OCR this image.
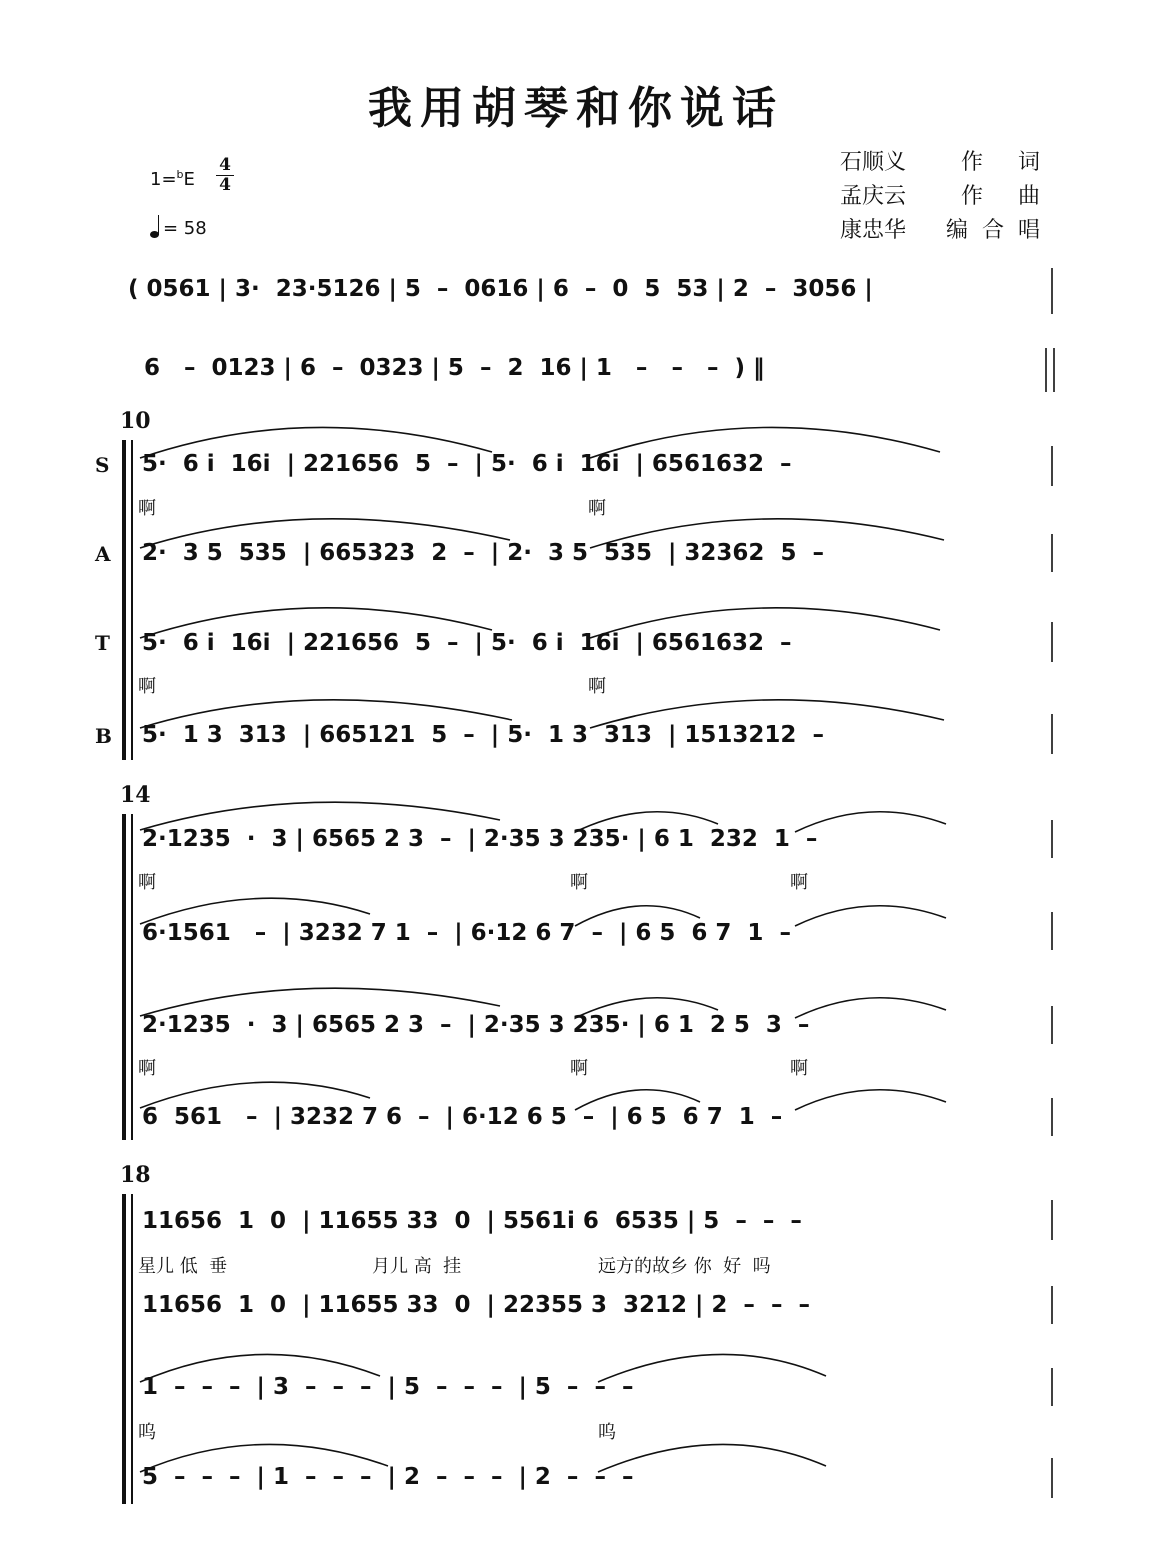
我用胡琴和你说话
1=$^b$E
4
4
= 58
石顺义	作 词
孟庆云	作 曲
康忠华 编合唱
( 0561 | 3·  23·5126 | 5  –  0616 | 6  –  0  5  53 | 2  –  3056 |
6   –  0123 | 6  –  0323 | 5  –  2  16 | 1   –   –   –  ) ‖
10
S
A
T
B
5·  6 i  16i  | 221656  5  –  | 5·  6 i  16i  | 6561632  –
啊	啊
2·  3 5  535  | 665323  2  –  | 2·  3 5  535  | 32362  5  –
5·  6 i  16i  | 221656  5  –  | 5·  6 i  16i  | 6561632  –
啊	啊
5·  1 3  313  | 665121  5  –  | 5·  1 3  313  | 1513212  –
14
2·1235  ·  3 | 6565 2 3  –  | 2·35 3 235· | 6 1  232  1  –
啊	啊	啊
6·1561   –  | 3232 7 1  –  | 6·12 6 7  –  | 6 5  6 7  1  –
2·1235  ·  3 | 6565 2 3  –  | 2·35 3 235· | 6 1  2 5  3  –
啊	啊	啊
6  561   –  | 3232 7 6  –  | 6·12 6 5  –  | 6 5  6 7  1  –
18
11656  1  0  | 11655 33  0  | 5561i 6  6535 | 5  –  –  –
星儿 低  垂	月儿 高  挂	远方的故乡 你  好  吗
11656  1  0  | 11655 33  0  | 22355 3  3212 | 2  –  –  –
1  –  –  –  | 3  –  –  –  | 5  –  –  –  | 5  –  –  –
呜	呜
5  –  –  –  | 1  –  –  –  | 2  –  –  –  | 2  –  –  –
